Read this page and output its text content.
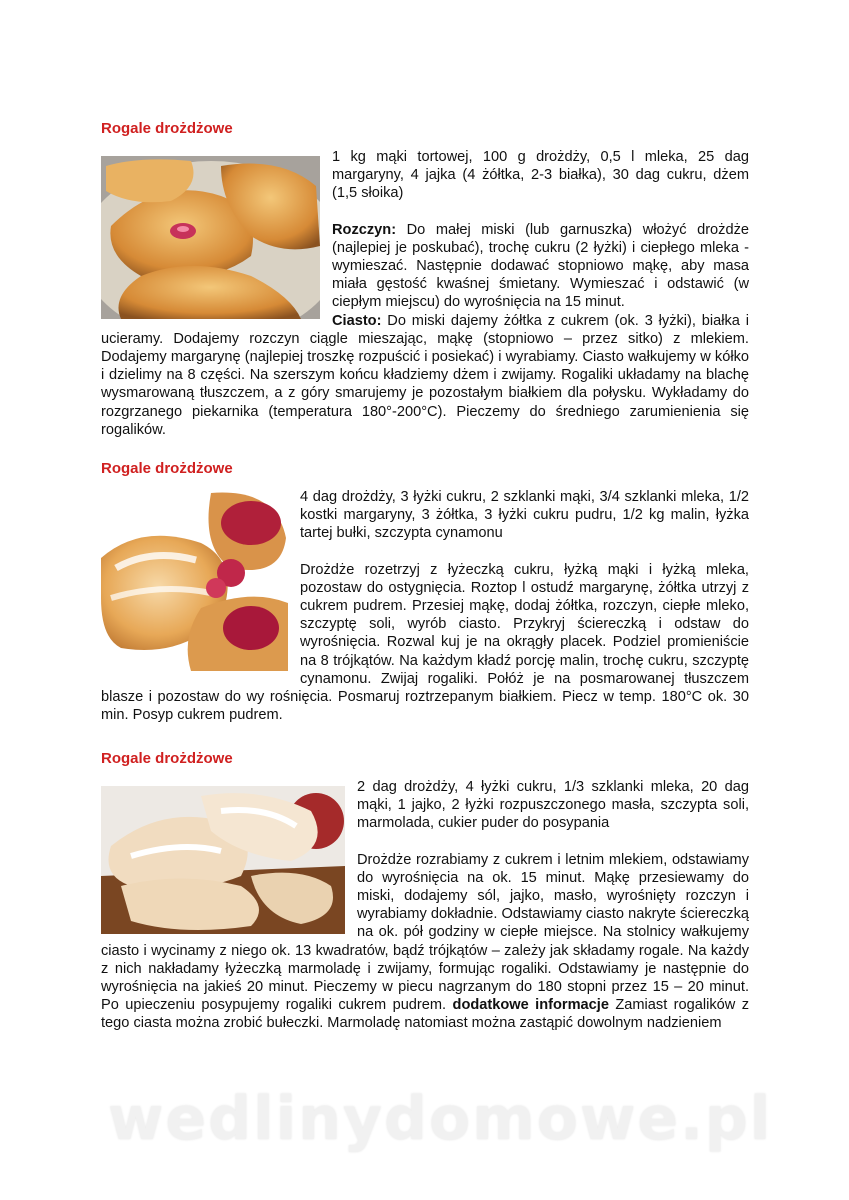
Rogale drożdżowe

1 kg mąki tortowej, 100 g drożdży, 0,5 l mleka, 25 dag margaryny, 4 jajka (4 żółtka, 2-3 białka), 30 dag cukru, dżem (1,5 słoika)

Rozczyn: Do małej miski (lub garnuszka) włożyć drożdże (najlepiej je poskubać), trochę cukru (2 łyżki) i ciepłego mleka - wymieszać. Następnie dodawać stopniowo mąkę, aby masa miała gęstość kwaśnej śmietany. Wymieszać i odstawić (w ciepłym miejscu) do wyrośnięcia na 15 minut.

Ciasto: Do miski dajemy żółtka z cukrem (ok. 3 łyżki), białka i ucieramy. Dodajemy rozczyn ciągle mieszając, mąkę (stopniowo – przez sitko) z mlekiem. Dodajemy margarynę (najlepiej troszkę rozpuścić i posiekać) i wyrabiamy. Ciasto wałkujemy w kółko i dzielimy na 8 części. Na szerszym końcu kładziemy dżem i zwijamy. Rogaliki układamy na blachę wysmarowaną tłuszczem, a z góry smarujemy je pozostałym białkiem dla połysku. Wykładamy do rozgrzanego piekarnika (temperatura 180°-200°C). Pieczemy do średniego zarumienienia się rogalików.

Rogale drożdżowe

4 dag drożdży, 3 łyżki cukru, 2 szklanki mąki, 3/4 szklanki mleka, 1/2 kostki margaryny, 3 żółtka, 3 łyżki cukru pudru, 1/2 kg malin, łyżka tartej bułki, szczypta cynamonu

Drożdże rozetrzyj z łyżeczką cukru, łyżką mąki i łyżką mleka, pozostaw do ostygnięcia. Roztop l ostudź margarynę, żółtka utrzyj z cukrem pudrem. Przesiej mąkę, dodaj żółtka, rozczyn, ciepłe mleko, szczyptę soli, wyrób ciasto. Przykryj ściereczką i odstaw do wyrośnięcia. Rozwal kuj je na okrągły placek. Podziel promieniście na 8 trójkątów. Na każdym kładź porcję malin, trochę cukru, szczyptę cynamonu. Zwijaj rogaliki. Połóż je na posmarowanej tłuszczem blasze i pozostaw do wy rośnięcia. Posmaruj roztrzepanym białkiem. Piecz w temp. 180°C ok. 30 min. Posyp cukrem pudrem.

Rogale drożdżowe

2 dag drożdży, 4 łyżki cukru, 1/3 szklanki mleka, 20 dag mąki, 1 jajko, 2 łyżki rozpuszczonego masła, szczypta soli, marmolada, cukier puder do posypania

Drożdże rozrabiamy z cukrem i letnim mlekiem, odstawiamy do wyrośnięcia na ok. 15 minut. Mąkę przesiewamy do miski, dodajemy sól, jajko, masło, wyrośnięty rozczyn i wyrabiamy dokładnie. Odstawiamy ciasto nakryte ściereczką na ok. pół godziny w ciepłe miejsce. Na stolnicy wałkujemy ciasto i wycinamy z niego ok. 13 kwadratów, bądź trójkątów – zależy jak składamy rogale. Na każdy z nich nakładamy łyżeczką marmoladę i zwijamy, formując rogaliki. Odstawiamy je następnie do wyrośnięcia na jakieś 20 minut. Pieczemy w piecu nagrzanym do 180 stopni przez 15 – 20 minut. Po upieczeniu posypujemy rogaliki cukrem pudrem. dodatkowe informacje Zamiast rogalików z tego ciasta można zrobić bułeczki. Marmoladę natomiast można zastąpić dowolnym nadzieniem

wedlinydomowe.pl
